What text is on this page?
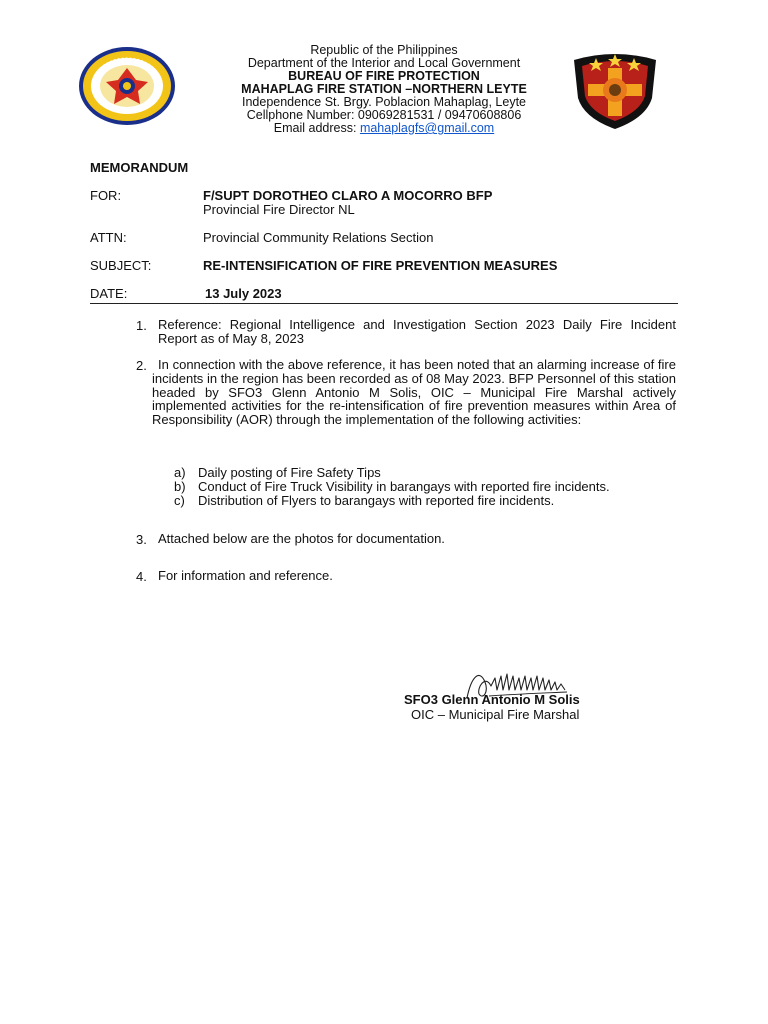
Republic of the Philippines
Department of the Interior and Local Government
BUREAU OF FIRE PROTECTION
MAHAPLAG FIRE STATION –NORTHERN LEYTE
Independence St. Brgy. Poblacion Mahaplag, Leyte
Cellphone Number: 09069281531 / 09470608806
Email address: mahaplagfs@gmail.com
MEMORANDUM
FOR:	F/SUPT DOROTHEO CLARO A MOCORRO BFP
Provincial Fire Director NL
ATTN:	Provincial Community Relations Section
SUBJECT:	RE-INTENSIFICATION OF FIRE PREVENTION MEASURES
DATE:	13 July 2023
1. Reference: Regional Intelligence and Investigation Section 2023 Daily Fire Incident Report as of May 8, 2023
2. In connection with the above reference, it has been noted that an alarming increase of fire incidents in the region has been recorded as of 08 May 2023. BFP Personnel of this station headed by SFO3 Glenn Antonio M Solis, OIC – Municipal Fire Marshal actively implemented activities for the re-intensification of fire prevention measures within Area of Responsibility (AOR) through the implementation of the following activities:
a) Daily posting of Fire Safety Tips
b) Conduct of Fire Truck Visibility in barangays with reported fire incidents.
c) Distribution of Flyers to barangays with reported fire incidents.
3. Attached below are the photos for documentation.
4. For information and reference.
SFO3 Glenn Antonio M Solis
OIC – Municipal Fire Marshal
